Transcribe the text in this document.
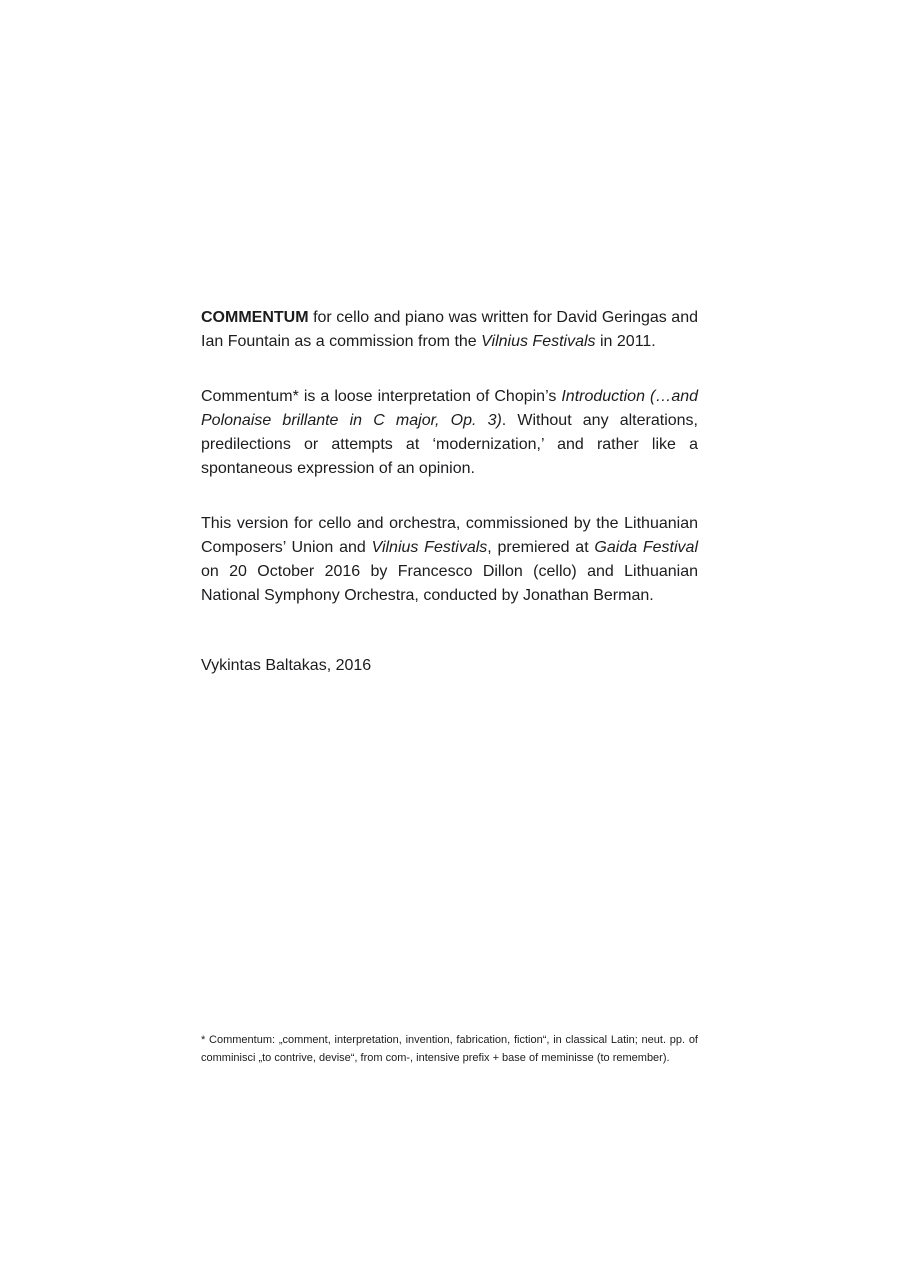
COMMENTUM for cello and piano was written for David Geringas and Ian Fountain as a commission from the Vilnius Festivals in 2011.

Commentum* is a loose interpretation of Chopin’s Introduction (…and Polonaise brillante in C major, Op. 3). Without any alterations, predilections or attempts at ‘modernization,’ and rather like a spontaneous expression of an opinion.

This version for cello and orchestra, commissioned by the Lithuanian Composers’ Union and Vilnius Festivals, premiered at Gaida Festival  on 20 October 2016 by Francesco Dillon (cello) and Lithuanian National Symphony Orchestra, conducted by Jonathan Berman.

Vykintas Baltakas, 2016

* Commentum: „comment, interpretation, invention, fabrication, fiction“, in classical Latin; neut. pp. of comminisci „to contrive, devise“, from com-, intensive prefix + base of meminisse (to remember).
